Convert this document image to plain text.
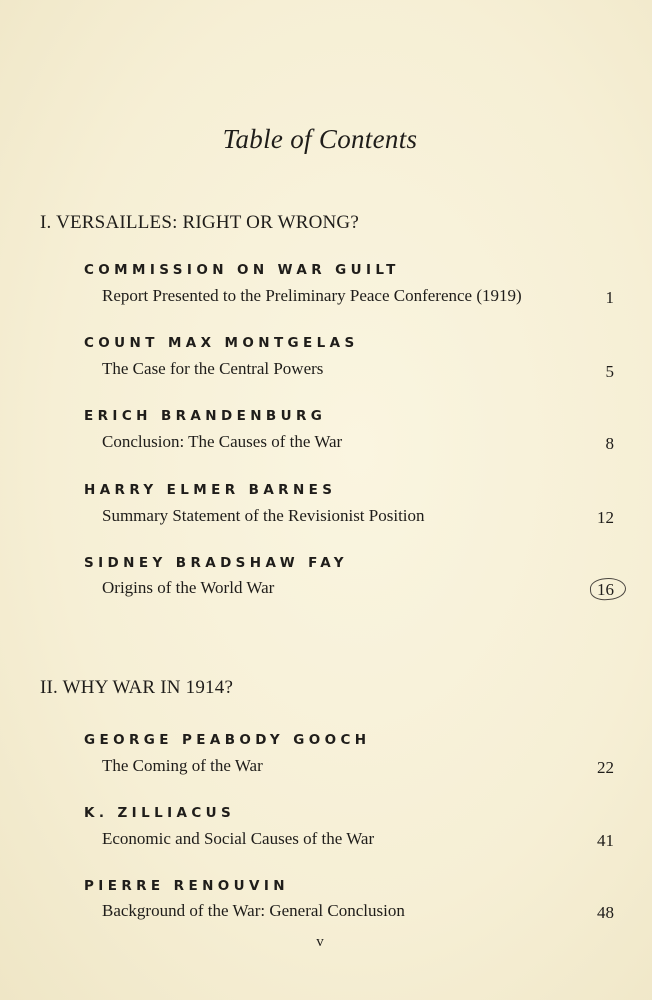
Table of Contents
I. VERSAILLES: RIGHT OR WRONG?
COMMISSION ON WAR GUILT
Report Presented to the Preliminary Peace Conference (1919)	1
COUNT MAX MONTGELAS
The Case for the Central Powers	5
ERICH BRANDENBURG
Conclusion: The Causes of the War	8
HARRY ELMER BARNES
Summary Statement of the Revisionist Position	12
SIDNEY BRADSHAW FAY
Origins of the World War	16
II. WHY WAR IN 1914?
GEORGE PEABODY GOOCH
The Coming of the War	22
K. ZILLIACUS
Economic and Social Causes of the War	41
PIERRE RENOUVIN
Background of the War: General Conclusion	48
v
